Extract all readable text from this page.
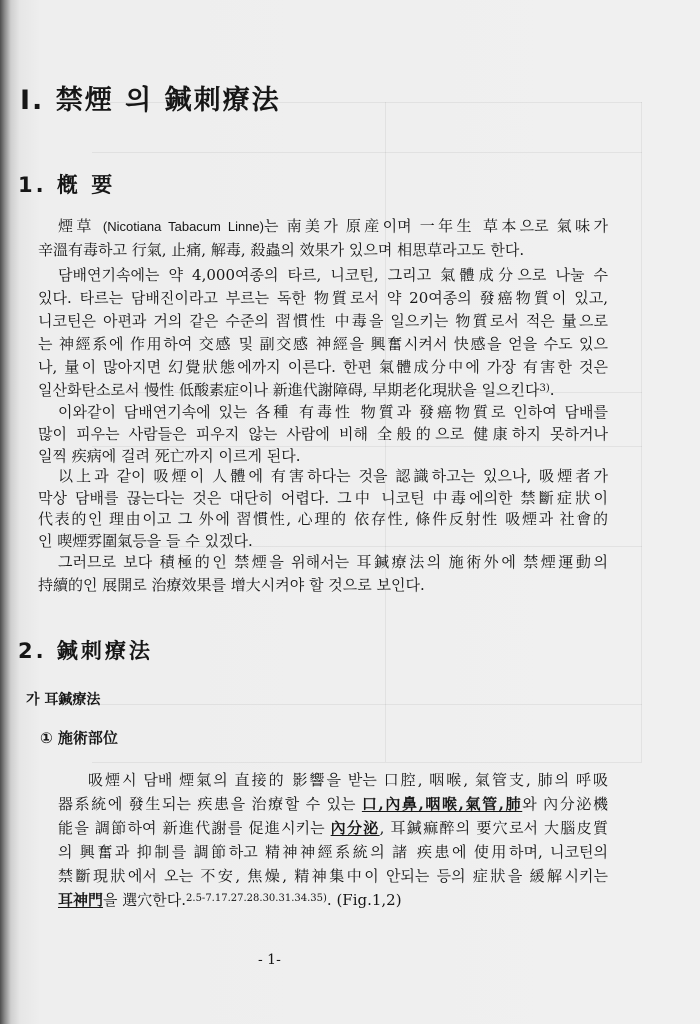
Ⅰ. 禁煙 의 鍼刺療法
1. 槪 要
煙草 (Nicotiana Tabacum Linne)는 南美가 原産이며 一年生 草本으로 氣味가
辛溫有毒하고 行氣, 止痛, 解毒, 殺蟲의 效果가 있으며 相思草라고도 한다.
담배연기속에는 약 4,000여종의 타르, 니코틴, 그리고 氣體成分으로 나눌 수
있다. 타르는 담배진이라고 부르는 독한 物質로서 약 20여종의 發癌物質이 있고,
니코틴은 아편과 거의 같은 수준의 習慣性 中毒을 일으키는 物質로서 적은 量으로
는 神經系에 作用하여 交感 및 副交感 神經을 興奮시켜서 快感을 얻을 수도 있으
나, 量이 많아지면 幻覺狀態에까지 이른다. 한편 氣體成分中에 가장 有害한 것은
일산화탄소로서 慢性 低酸素症이나 新進代謝障碍, 早期老化現狀을 일으킨다$^{3)}$.
이와같이 담배연기속에 있는 各種 有毒性 物質과 發癌物質로 인하여 담배를
많이 피우는 사람들은 피우지 않는 사람에 비해 全般的으로 健康하지 못하거나
일찍 疾病에 걸려 死亡까지 이르게 된다.
以上과 같이 吸煙이 人體에 有害하다는 것을 認識하고는 있으나, 吸煙者가
막상 담배를 끊는다는 것은 대단히 어렵다. 그中 니코틴 中毒에의한 禁斷症狀이
代表的인 理由이고 그 外에 習慣性, 心理的 依存性, 條件反射性 吸煙과 社會的
인 喫煙雰圍氣등을 들 수 있겠다.
그러므로 보다 積極的인 禁煙을 위해서는 耳鍼療法의 施術外에 禁煙運動의
持續的인 展開로 治療效果를 增大시켜야 할 것으로 보인다.
2. 鍼刺療法
가 耳鍼療法
① 施術部位
吸煙시 담배 煙氣의 直接的 影響을 받는 口腔, 咽喉, 氣管支, 肺의 呼吸
器系統에 發生되는 疾患을 治療할 수 있는 口,內鼻,咽喉,氣管,肺와 內分泌機
能을 調節하여 新進代謝를 促進시키는 內分泌, 耳鍼痲醉의 要穴로서 大腦皮質
의 興奮과 抑制를 調節하고 精神神經系統의 諸 疾患에 使用하며, 니코틴의
禁斷現狀에서 오는 不安, 焦燥, 精神集中이 안되는 등의 症狀을 緩解시키는
耳神門을 選穴한다.$^{2.5-7.17.27.28.30.31.34.35)}$. (Fig.1,2)
- 1-
